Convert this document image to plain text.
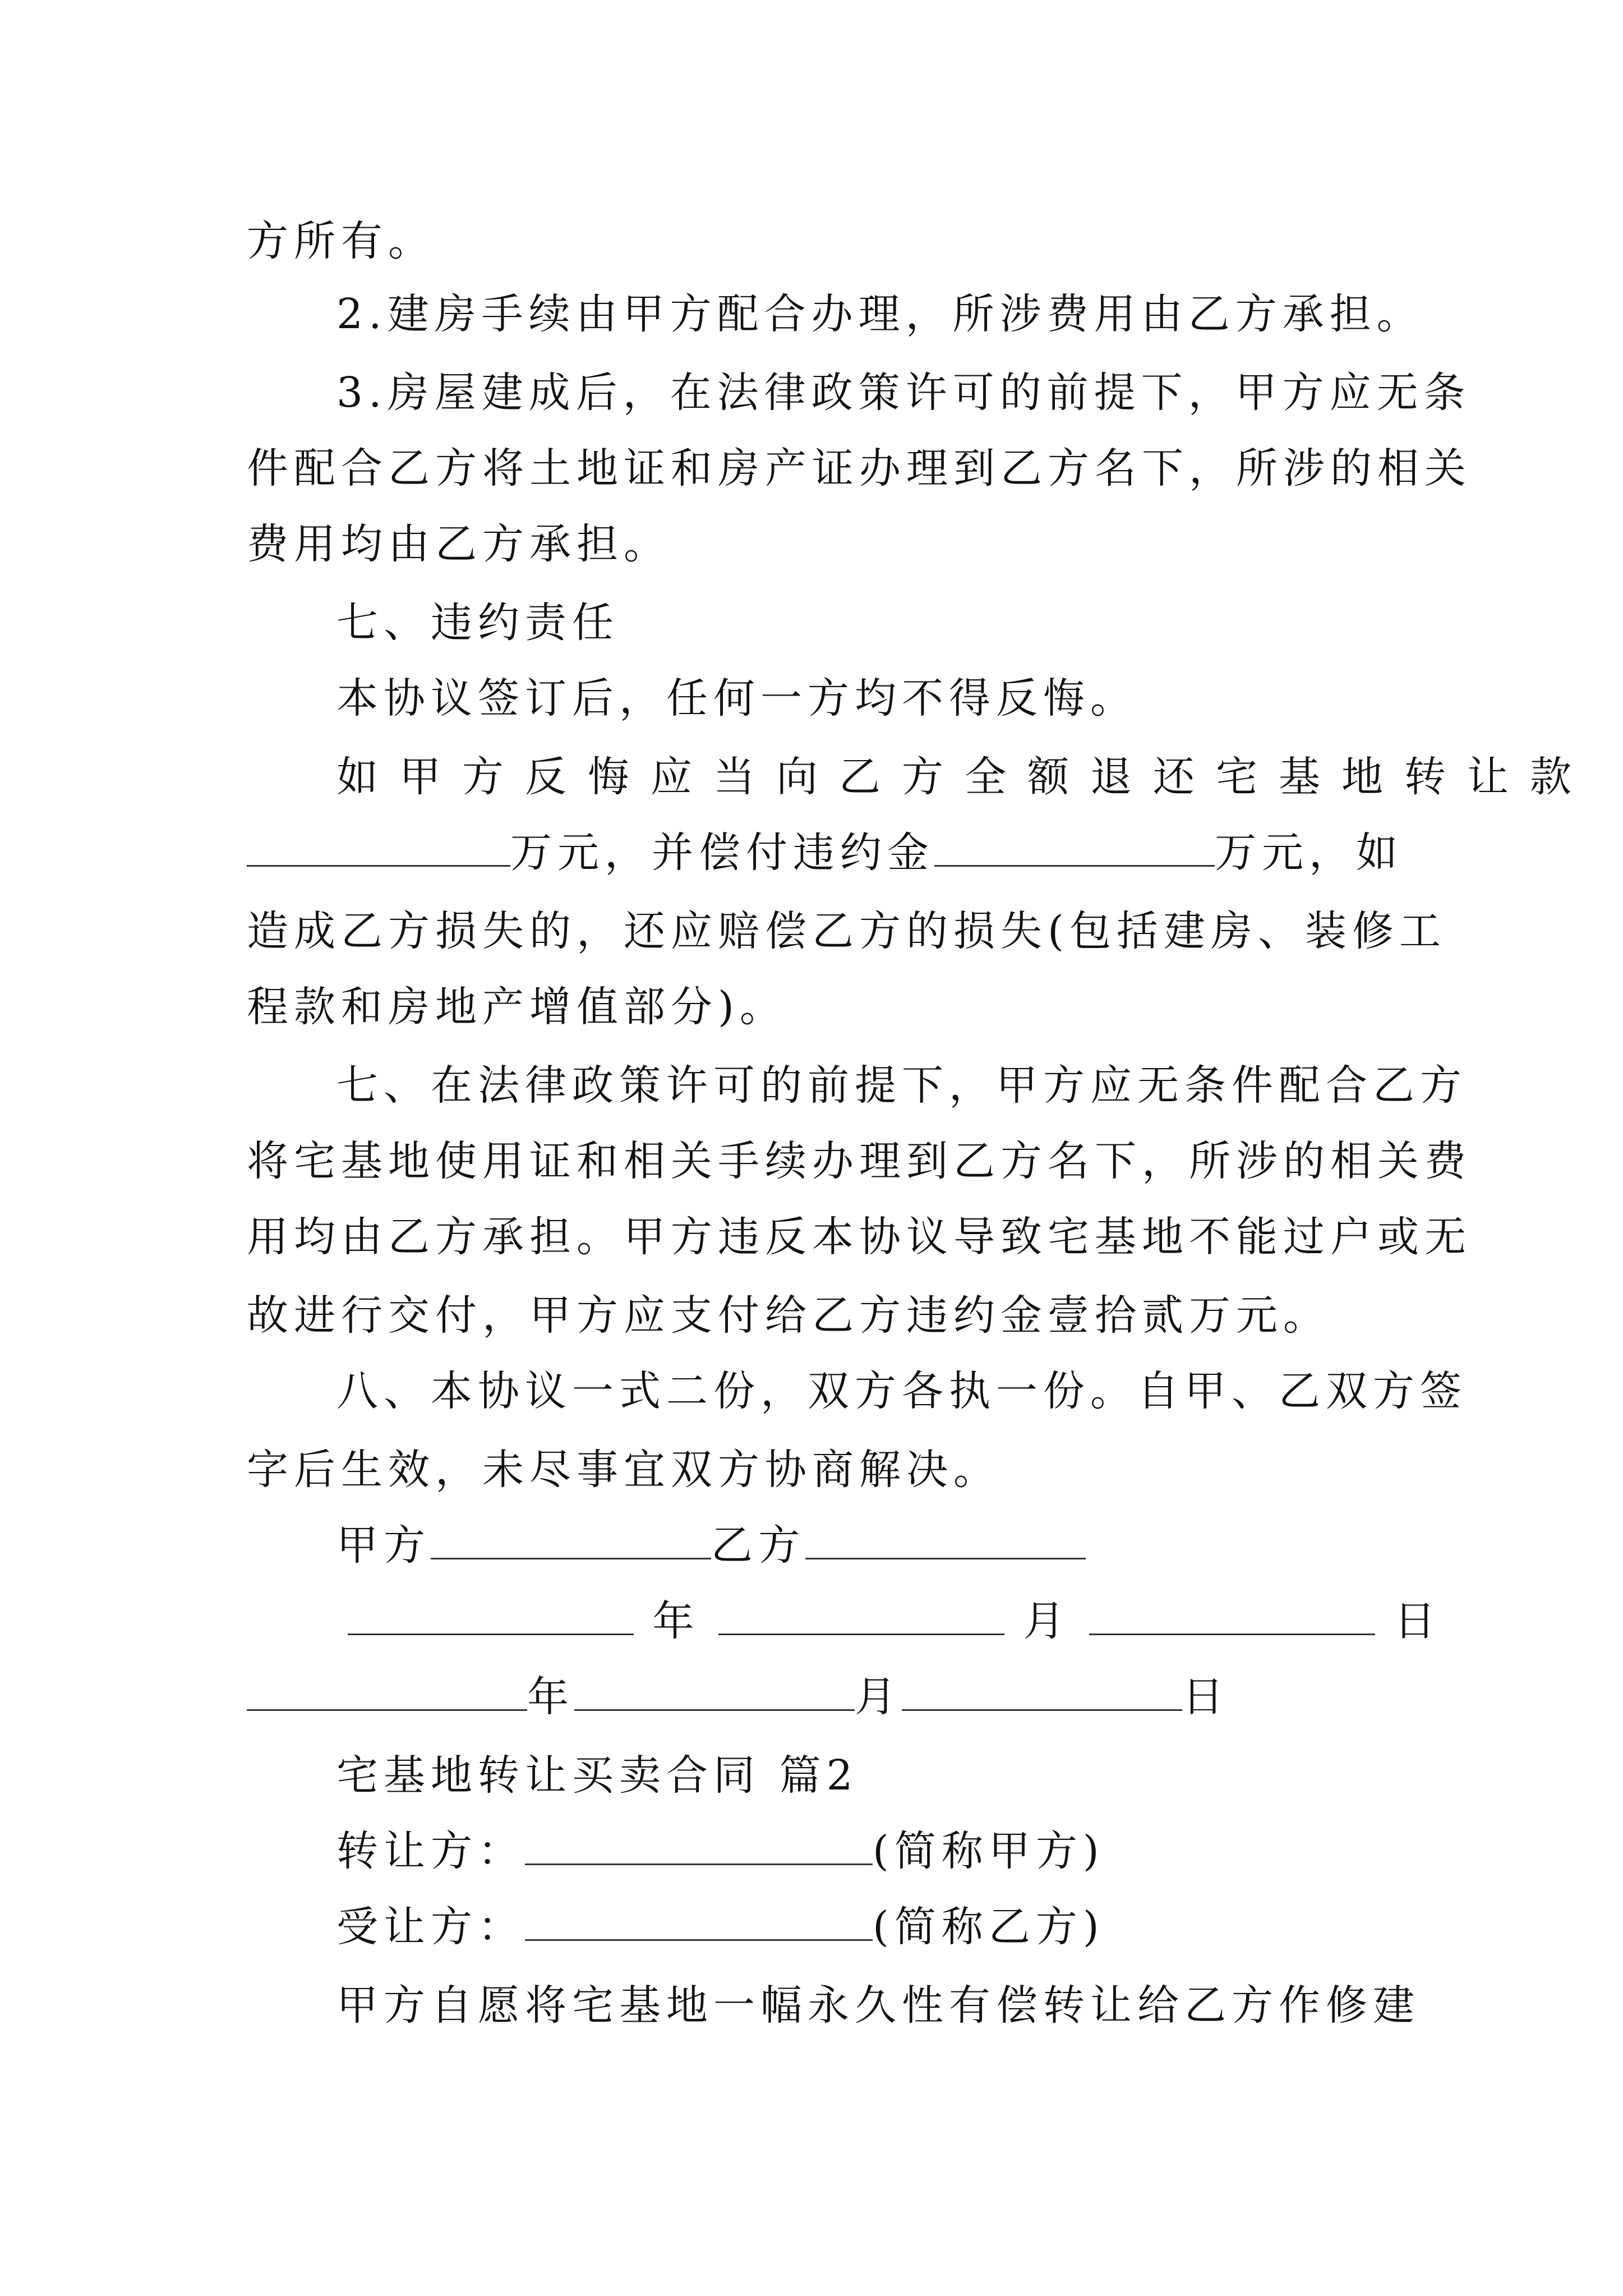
方所有。
2.建房手续由甲方配合办理，所涉费用由乙方承担。
3.房屋建成后，在法律政策许可的前提下，甲方应无条
件配合乙方将土地证和房产证办理到乙方名下，所涉的相关
费用均由乙方承担。
七、违约责任
本协议签订后，任何一方均不得反悔。
如甲方反悔应当向乙方全额退还宅基地转让款
万元，并偿付违约金	万元，如
造成乙方损失的，还应赔偿乙方的损失(包括建房、装修工
程款和房地产增值部分)。
七、在法律政策许可的前提下，甲方应无条件配合乙方
将宅基地使用证和相关手续办理到乙方名下，所涉的相关费
用均由乙方承担。甲方违反本协议导致宅基地不能过户或无
故进行交付，甲方应支付给乙方违约金壹拾贰万元。
八、本协议一式二份，双方各执一份。自甲、乙双方签
字后生效，未尽事宜双方协商解决。
甲方	乙方
年	月	日
年	月	日
宅基地转让买卖合同 篇2
转让方：	(简称甲方)
受让方：	(简称乙方)
甲方自愿将宅基地一幅永久性有偿转让给乙方作修建
